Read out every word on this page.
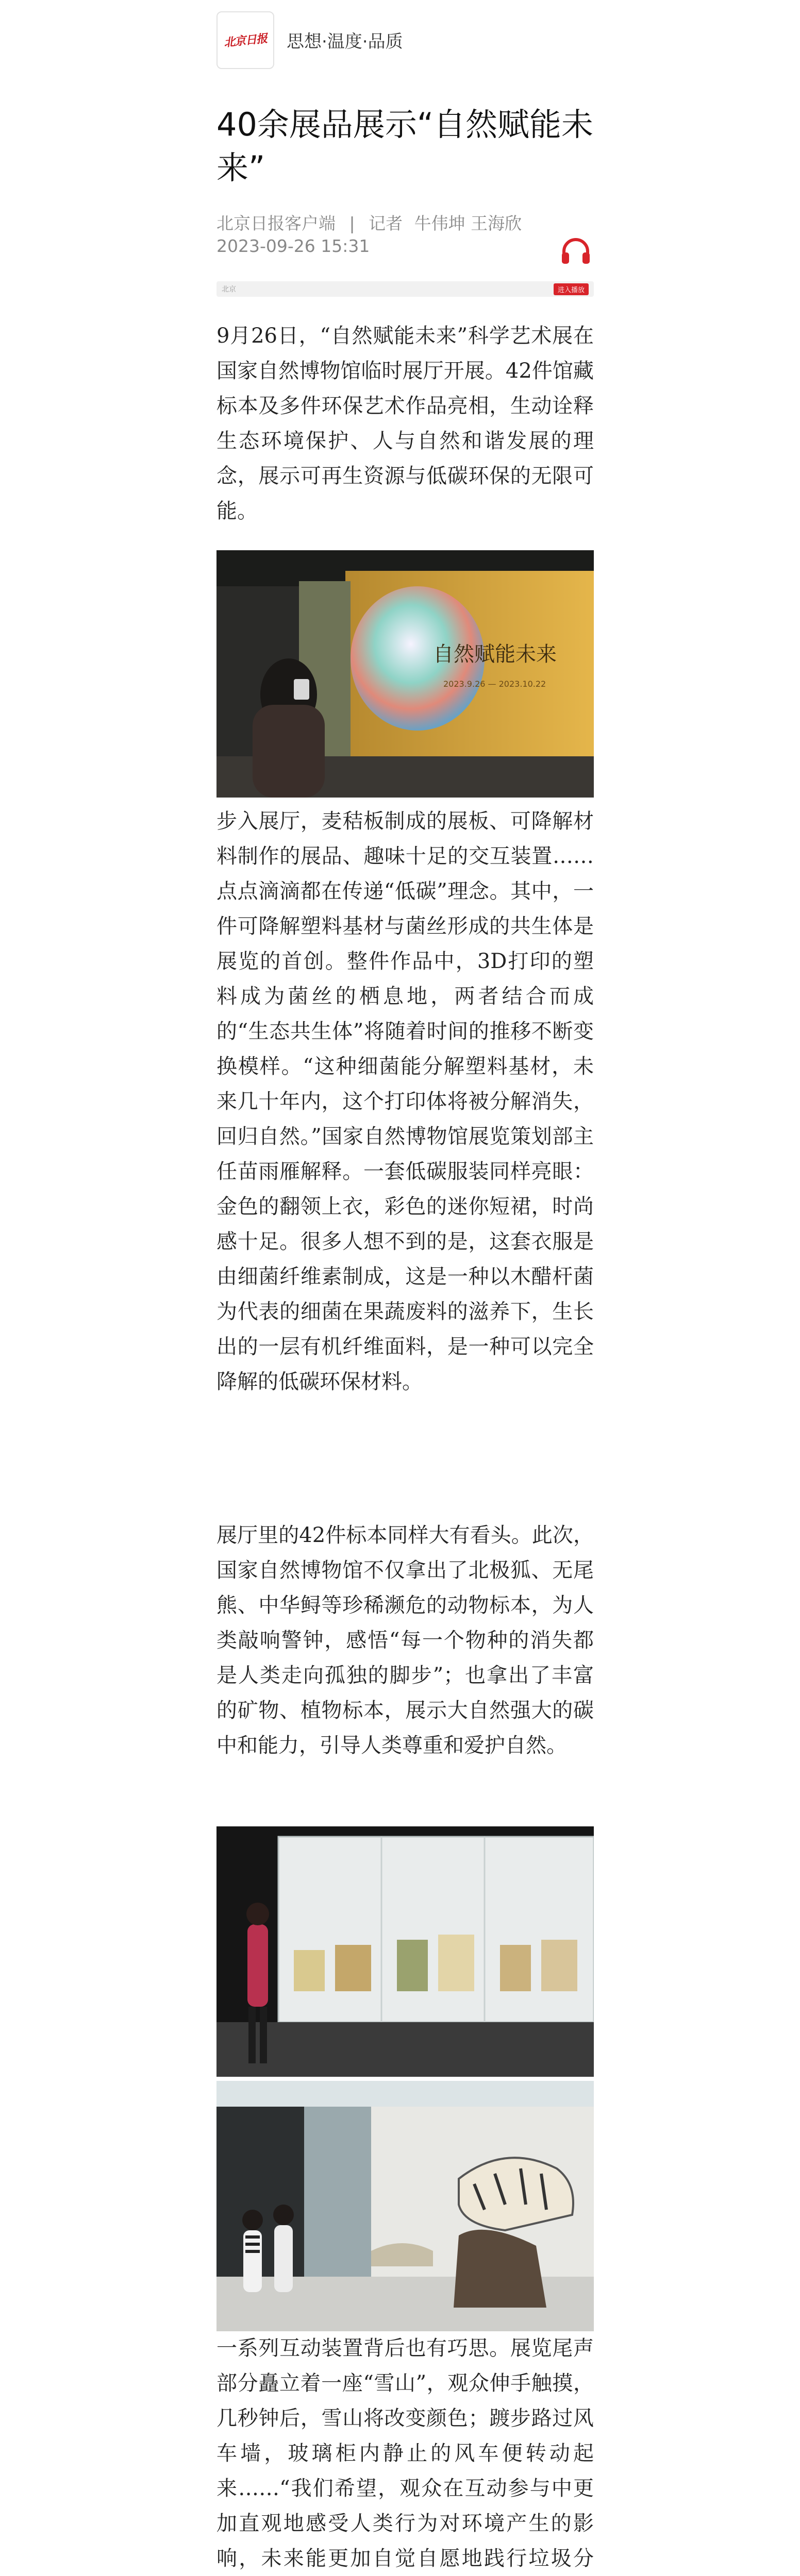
北京日报 思想·温度·品质
40余展品展示“自然赋能未来”
北京日报客户端 | 记者 牛伟坤 王海欣
2023-09-26 15:31
北京	进入播放

9月26日，“自然赋能未来”科学艺术展在国家自然博物馆临时展厅开展。42件馆藏标本及多件环保艺术作品亮相，生动诠释生态环境保护、人与自然和谐发展的理念，展示可再生资源与低碳环保的无限可能。

自然赋能未来
2023.9.26 — 2023.10.22

步入展厅，麦秸板制成的展板、可降解材料制作的展品、趣味十足的交互装置……点点滴滴都在传递“低碳”理念。其中，一件可降解塑料基材与菌丝形成的共生体是展览的首创。整件作品中，3D打印的塑料成为菌丝的栖息地，两者结合而成的“生态共生体”将随着时间的推移不断变换模样。“这种细菌能分解塑料基材，未来几十年内，这个打印体将被分解消失，回归自然。”国家自然博物馆展览策划部主任苗雨雁解释。一套低碳服装同样亮眼：金色的翻领上衣，彩色的迷你短裙，时尚感十足。很多人想不到的是，这套衣服是由细菌纤维素制成，这是一种以木醋杆菌为代表的细菌在果蔬废料的滋养下，生长出的一层有机纤维面料，是一种可以完全降解的低碳环保材料。

展厅里的42件标本同样大有看头。此次，国家自然博物馆不仅拿出了北极狐、无尾熊、中华鲟等珍稀濒危的动物标本，为人类敲响警钟，感悟“每一个物种的消失都是人类走向孤独的脚步”；也拿出了丰富的矿物、植物标本，展示大自然强大的碳中和能力，引导人类尊重和爱护自然。

一系列互动装置背后也有巧思。展览尾声部分矗立着一座“雪山”，观众伸手触摸，几秒钟后，雪山将改变颜色；踱步路过风车墙，玻璃柜内静止的风车便转动起来……“我们希望，观众在互动参与中更加直观地感受人类行为对环境产生的影响，未来能更加自觉自愿地践行垃圾分
